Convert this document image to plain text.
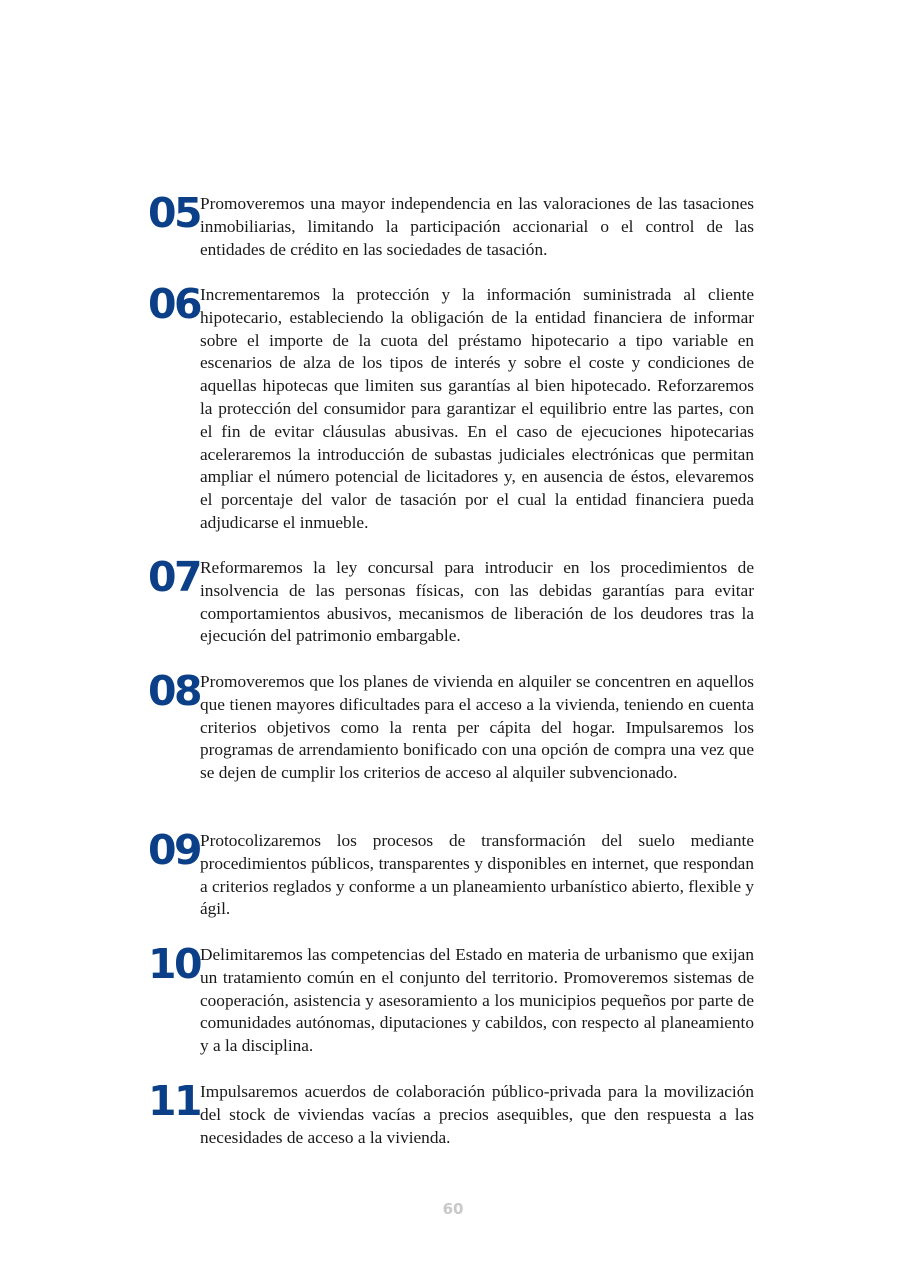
05 Promoveremos una mayor independencia en las valoraciones de las tasaciones inmobiliarias, limitando la participación accionarial o el control de las entidades de crédito en las sociedades de tasación.
06 Incrementaremos la protección y la información suministrada al cliente hipotecario, estableciendo la obligación de la entidad financiera de informar sobre el importe de la cuota del préstamo hipotecario a tipo variable en escenarios de alza de los tipos de interés y sobre el coste y condiciones de aquellas hipotecas que limiten sus garantías al bien hipotecado. Reforzaremos la protección del consumidor para garantizar el equilibrio entre las partes, con el fin de evitar cláusulas abusivas. En el caso de ejecuciones hipotecarias aceleraremos la introducción de subastas judiciales electrónicas que permitan ampliar el número potencial de licitadores y, en ausencia de éstos, elevaremos el porcentaje del valor de tasación por el cual la entidad financiera pueda adjudicarse el inmueble.
07 Reformaremos la ley concursal para introducir en los procedimientos de insolvencia de las personas físicas, con las debidas garantías para evitar comportamientos abusivos, mecanismos de liberación de los deudores tras la ejecución del patrimonio embargable.
08 Promoveremos que los planes de vivienda en alquiler se concentren en aquellos que tienen mayores dificultades para el acceso a la vivienda, teniendo en cuenta criterios objetivos como la renta per cápita del hogar. Impulsaremos los programas de arrendamiento bonificado con una opción de compra una vez que se dejen de cumplir los criterios de acceso al alquiler subvencionado.
09 Protocolizaremos los procesos de transformación del suelo mediante procedimientos públicos, transparentes y disponibles en internet, que respondan a criterios reglados y conforme a un planeamiento urbanístico abierto, flexible y ágil.
10 Delimitaremos las competencias del Estado en materia de urbanismo que exijan un tratamiento común en el conjunto del territorio. Promoveremos sistemas de cooperación, asistencia y asesoramiento a los municipios pequeños por parte de comunidades autónomas, diputaciones y cabildos, con respecto al planeamiento y a la disciplina.
11 Impulsaremos acuerdos de colaboración público-privada para la movilización del stock de viviendas vacías a precios asequibles, que den respuesta a las necesidades de acceso a la vivienda.
60
